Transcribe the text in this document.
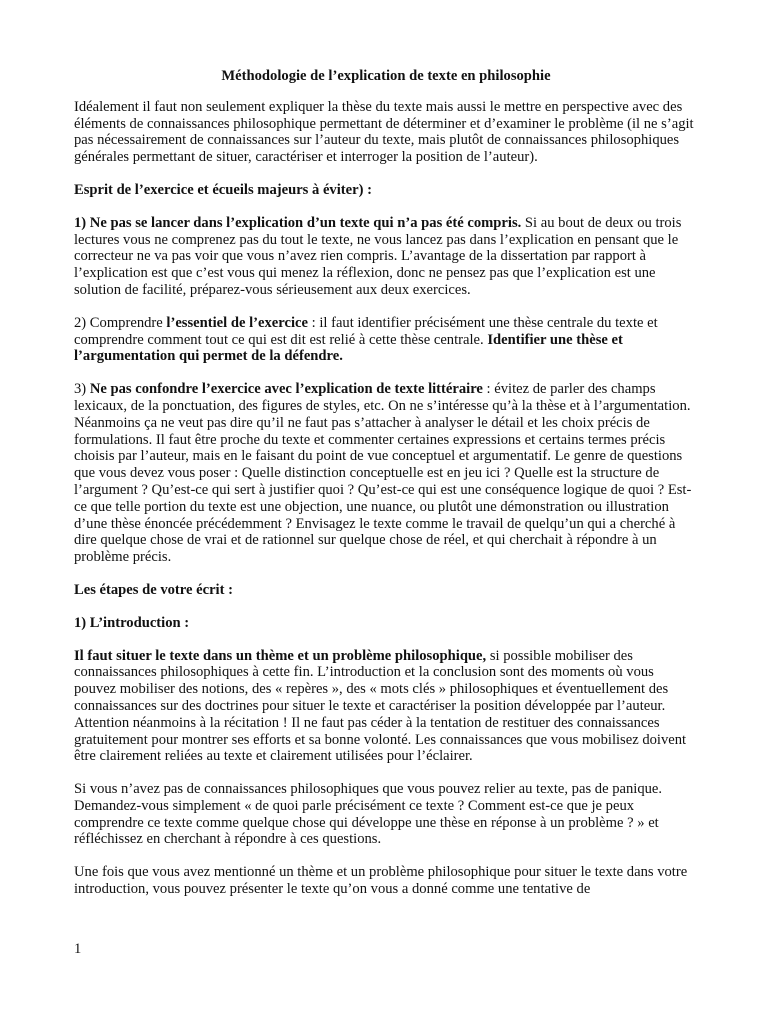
Méthodologie de l’explication de texte en philosophie

Idéalement il faut non seulement expliquer la thèse du texte mais aussi le mettre en perspective avec des éléments de connaissances philosophique permettant de déterminer et d’examiner le problème (il ne s’agit pas nécessairement de connaissances sur l’auteur du texte, mais plutôt de connaissances philosophiques générales permettant de situer, caractériser et interroger la position de l’auteur).

Esprit de l’exercice et écueils majeurs à éviter) :

1) Ne pas se lancer dans l’explication d’un texte qui n’a pas été compris. Si au bout de deux ou trois lectures vous ne comprenez pas du tout le texte, ne vous lancez pas dans l’explication en pensant que le correcteur ne va pas voir que vous n’avez rien compris. L’avantage de la dissertation par rapport à l’explication est que c’est vous qui menez la réflexion, donc ne pensez pas que l’explication est une solution de facilité, préparez-vous sérieusement aux deux exercices.

2) Comprendre l’essentiel de l’exercice : il faut identifier précisément une thèse centrale du texte et comprendre comment tout ce qui est dit est relié à cette thèse centrale. Identifier une thèse et l’argumentation qui permet de la défendre.

3) Ne pas confondre l’exercice avec l’explication de texte littéraire : évitez de parler des champs lexicaux, de la ponctuation, des figures de styles, etc. On ne s’intéresse qu’à la thèse et à l’argumentation. Néanmoins ça ne veut pas dire qu’il ne faut pas s’attacher à analyser le détail et les choix précis de formulations. Il faut être proche du texte et commenter certaines expressions et certains termes précis choisis par l’auteur, mais en le faisant du point de vue conceptuel et argumentatif. Le genre de questions que vous devez vous poser : Quelle distinction conceptuelle est en jeu ici ? Quelle est la structure de l’argument ? Qu’est-ce qui sert à justifier quoi ? Qu’est-ce qui est une conséquence logique de quoi ? Est-ce que telle portion du texte est une objection, une nuance, ou plutôt une démonstration ou illustration d’une thèse énoncée précédemment ? Envisagez le texte comme le travail de quelqu’un qui a cherché à dire quelque chose de vrai et de rationnel sur quelque chose de réel, et qui cherchait à répondre à un problème précis.

Les étapes de votre écrit :

1) L’introduction :

Il faut situer le texte dans un thème et un problème philosophique, si possible mobiliser des connaissances philosophiques à cette fin. L’introduction et la conclusion sont des moments où vous pouvez mobiliser des notions, des « repères », des « mots clés » philosophiques et éventuellement des connaissances sur des doctrines pour situer le texte et caractériser la position développée par l’auteur. Attention néanmoins à la récitation ! Il ne faut pas céder à la tentation de restituer des connaissances gratuitement pour montrer ses efforts et sa bonne volonté. Les connaissances que vous mobilisez doivent être clairement reliées au texte et clairement utilisées pour l’éclairer.

Si vous n’avez pas de connaissances philosophiques que vous pouvez relier au texte, pas de panique. Demandez-vous simplement « de quoi parle précisément ce texte ? Comment est-ce que je peux comprendre ce texte comme quelque chose qui développe une thèse en réponse à un problème ? » et réfléchissez en cherchant à répondre à ces questions.

Une fois que vous avez mentionné un thème et un problème philosophique pour situer le texte dans votre introduction, vous pouvez présenter le texte qu’on vous a donné comme une tentative de

1
